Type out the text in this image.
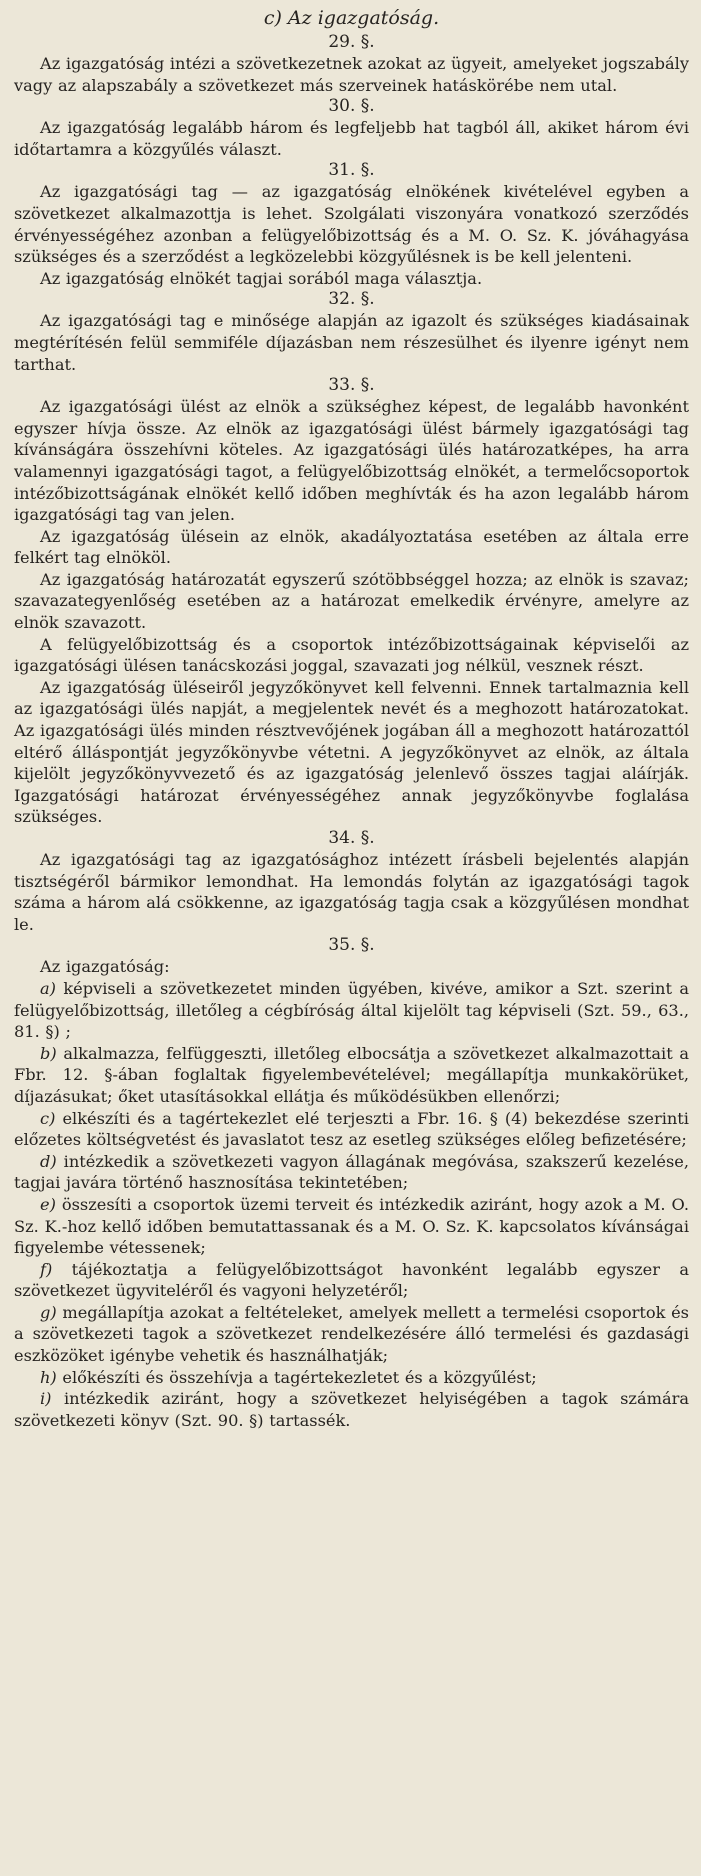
c) Az igazgatóság.
29. §.

Az igazgatóság intézi a szövetkezetnek azokat az ügyeit, amelyeket jogszabály vagy az alapszabály a szövetkezet más szerveinek hatáskörébe nem utal.

30. §.

Az igazgatóság legalább három és legfeljebb hat tagból áll, akiket három évi időtartamra a közgyűlés választ.

31. §.

Az igazgatósági tag — az igazgatóság elnökének kivételével egyben a szövetkezet alkalmazottja is lehet. Szolgálati viszonyára vonatkozó szerződés érvényességéhez azonban a felügyelőbizottság és a M. O. Sz. K. jóváhagyása szükséges és a szerződést a legközelebbi közgyűlésnek is be kell jelenteni.

Az igazgatóság elnökét tagjai sorából maga választja.

32. §.

Az igazgatósági tag e minősége alapján az igazolt és szükséges kiadásainak megtérítésén felül semmiféle díjazásban nem részesülhet és ilyenre igényt nem tarthat.

33. §.

Az igazgatósági ülést az elnök a szükséghez képest, de legalább havonként egyszer hívja össze. Az elnök az igazgatósági ülést bármely igazgatósági tag kívánságára összehívni köteles. Az igazgatósági ülés határozatképes, ha arra valamennyi igazgatósági tagot, a felügyelőbizottság elnökét, a termelőcsoportok intézőbizottságának elnökét kellő időben meghívták és ha azon legalább három igazgatósági tag van jelen.

Az igazgatóság ülésein az elnök, akadályoztatása esetében az általa erre felkért tag elnököl.

Az igazgatóság határozatát egyszerű szótöbbséggel hozza; az elnök is szavaz; szavazategyenlőség esetében az a határozat emelkedik érvényre, amelyre az elnök szavazott.

A felügyelőbizottság és a csoportok intézőbizottságainak képviselői az igazgatósági ülésen tanácskozási joggal, szavazati jog nélkül, vesznek részt.

Az igazgatóság üléseiről jegyzőkönyvet kell felvenni. Ennek tartalmaznia kell az igazgatósági ülés napját, a megjelentek nevét és a meghozott határozatokat. Az igazgatósági ülés minden résztvevőjének jogában áll a meghozott határozattól eltérő álláspontját jegyzőkönyvbe vétetni. A jegyzőkönyvet az elnök, az általa kijelölt jegyzőkönyvvezető és az igazgatóság jelenlevő összes tagjai aláírják. Igazgatósági határozat érvényességéhez annak jegyzőkönyvbe foglalása szükséges.

34. §.

Az igazgatósági tag az igazgatósághoz intézett írásbeli bejelentés alapján tisztségéről bármikor lemondhat. Ha lemondás folytán az igazgatósági tagok száma a három alá csökkenne, az igazgatóság tagja csak a közgyűlésen mondhat le.

35. §.

Az igazgatóság:

a) képviseli a szövetkezetet minden ügyében, kivéve, amikor a Szt. szerint a felügyelőbizottság, illetőleg a cégbíróság által kijelölt tag képviseli (Szt. 59., 63., 81. §) ;

b) alkalmazza, felfüggeszti, illetőleg elbocsátja a szövetkezet alkalmazottait a Fbr. 12. §-ában foglaltak figyelembevételével; megállapítja munkakörüket, díjazásukat; őket utasításokkal ellátja és működésükben ellenőrzi;

c) elkészíti és a tagértekezlet elé terjeszti a Fbr. 16. § (4) bekezdése szerinti előzetes költségvetést és javaslatot tesz az esetleg szükséges előleg befizetésére;

d) intézkedik a szövetkezeti vagyon állagának megóvása, szakszerű kezelése, tagjai javára történő hasznosítása tekintetében;

e) összesíti a csoportok üzemi terveit és intézkedik aziránt, hogy azok a M. O. Sz. K.-hoz kellő időben bemutattassanak és a M. O. Sz. K. kapcsolatos kívánságai figyelembe vétessenek;

f) tájékoztatja a felügyelőbizottságot havonként legalább egyszer a szövetkezet ügyviteléről és vagyoni helyzetéről;

g) megállapítja azokat a feltételeket, amelyek mellett a termelési csoportok és a szövetkezeti tagok a szövetkezet rendelkezésére álló termelési és gazdasági eszközöket igénybe vehetik és használhatják;

h) előkészíti és összehívja a tagértekezletet és a közgyűlést;

i) intézkedik aziránt, hogy a szövetkezet helyiségében a tagok számára szövetkezeti könyv (Szt. 90. §) tartassék.
